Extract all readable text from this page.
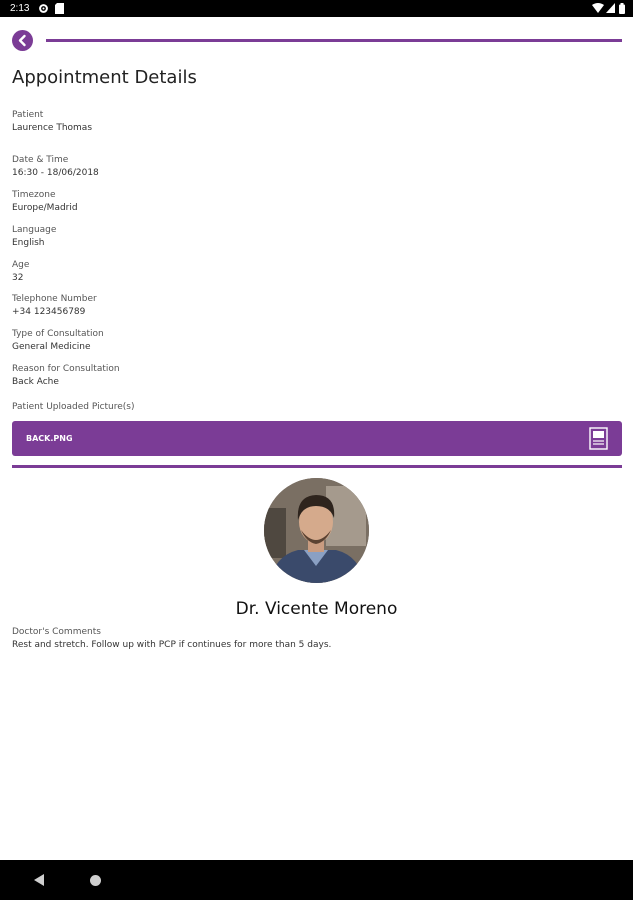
2:13
Appointment Details
Patient
Laurence Thomas
Date & Time
16:30 - 18/06/2018
Timezone
Europe/Madrid
Language
English
Age
32
Telephone Number
+34 123456789
Type of Consultation
General Medicine
Reason for Consultation
Back Ache
Patient Uploaded Picture(s)
BACK.PNG
Dr. Vicente Moreno
Doctor's Comments
Rest and stretch. Follow up with PCP if continues for more than 5 days.
